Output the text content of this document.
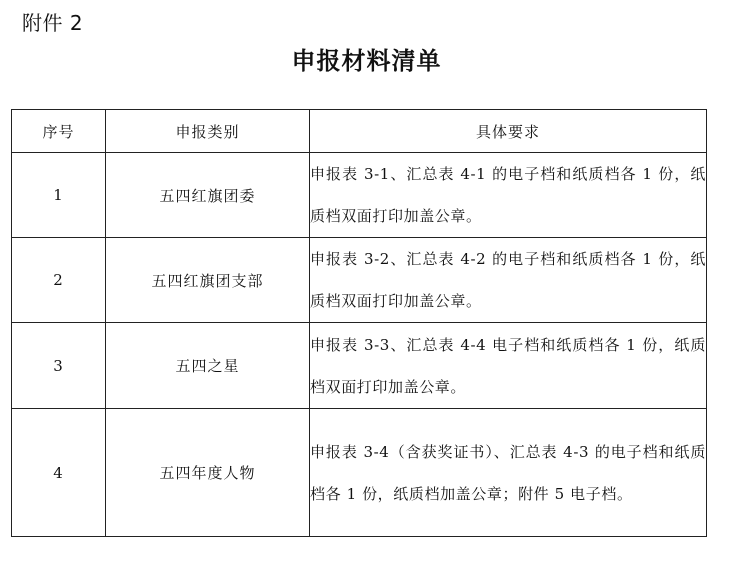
附件 2
申报材料清单
序号	申报类别	具体要求
1	五四红旗团委	申报表 3-1、汇总表 4-1 的电子档和纸质档各 1 份，纸质档双面打印加盖公章。
2	五四红旗团支部	申报表 3-2、汇总表 4-2 的电子档和纸质档各 1 份，纸质档双面打印加盖公章。
3	五四之星	申报表 3-3、汇总表 4-4 电子档和纸质档各 1 份，纸质档双面打印加盖公章。
4	五四年度人物	申报表 3-4（含获奖证书）、汇总表 4-3 的电子档和纸质档各 1 份，纸质档加盖公章；附件 5 电子档。
